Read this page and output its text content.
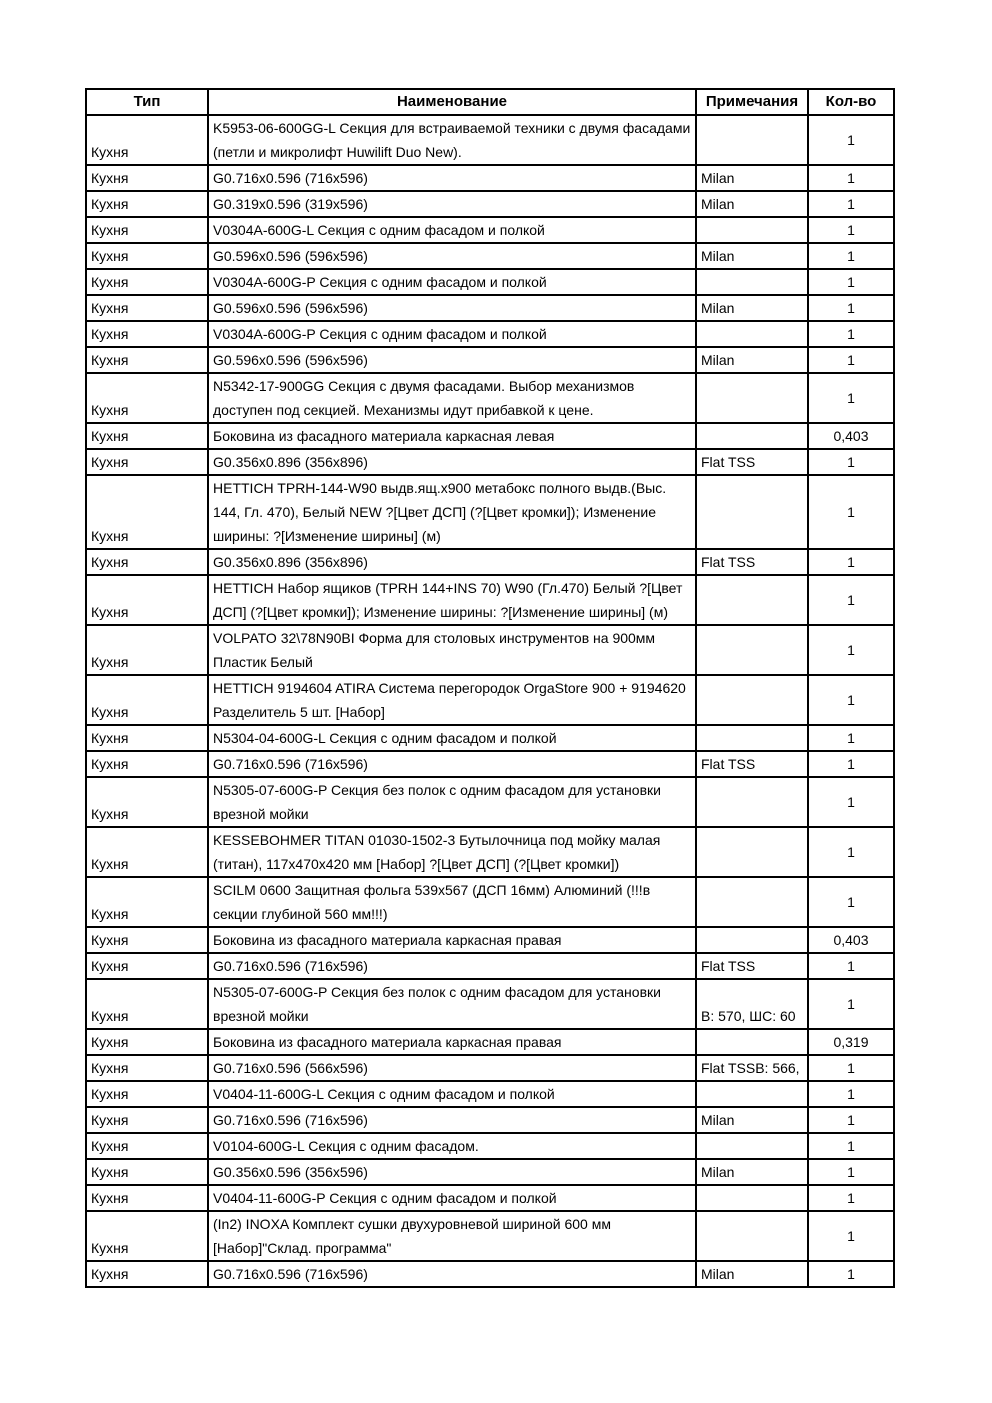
Тип	Наименование	Примечания	Кол-во
Кухня	K5953-06-600GG-L Секция для встраиваемой техники с двумя фасадами (петли и микролифт Huwilift Duo New).		1
Кухня	G0.716x0.596 (716x596)	Milan	1
Кухня	G0.319x0.596 (319x596)	Milan	1
Кухня	V0304A-600G-L Секция с одним фасадом и полкой		1
Кухня	G0.596x0.596 (596x596)	Milan	1
Кухня	V0304A-600G-P Секция с одним фасадом и полкой		1
Кухня	G0.596x0.596 (596x596)	Milan	1
Кухня	V0304A-600G-P Секция с одним фасадом и полкой		1
Кухня	G0.596x0.596 (596x596)	Milan	1
Кухня	N5342-17-900GG Секция с двумя фасадами. Выбор механизмов доступен под секцией. Механизмы идут прибавкой к цене.		1
Кухня	Боковина из фасадного материала каркасная левая		0,403
Кухня	G0.356x0.896 (356x896)	Flat TSS	1
Кухня	HETTICH TPRH-144-W90 выдв.ящ.x900 метабокс полного выдв.(Выс. 144, Гл. 470), Белый NEW ?[Цвет ДСП] (?[Цвет кромки]); Изменение ширины: ?[Изменение ширины] (м)		1
Кухня	G0.356x0.896 (356x896)	Flat TSS	1
Кухня	HETTICH Набор ящиков (TPRH 144+INS 70) W90 (Гл.470) Белый ?[Цвет ДСП] (?[Цвет кромки]); Изменение ширины: ?[Изменение ширины] (м)		1
Кухня	VOLPATO 32\78N90BI Форма для столовых инструментов на 900мм Пластик Белый		1
Кухня	HETTICH 9194604 ATIRA Система перегородок OrgaStore 900 + 9194620 Разделитель 5 шт. [Набор]		1
Кухня	N5304-04-600G-L Секция с одним фасадом и полкой		1
Кухня	G0.716x0.596 (716x596)	Flat TSS	1
Кухня	N5305-07-600G-P Секция без полок с одним фасадом для установки врезной мойки		1
Кухня	KESSEBOHMER TITAN 01030-1502-3 Бутылочница под мойку малая (титан), 117x470x420 мм [Набор] ?[Цвет ДСП] (?[Цвет кромки])		1
Кухня	SCILM 0600 Защитная фольга 539x567 (ДСП 16мм) Алюминий (!!!в секции глубиной 560 мм!!!)		1
Кухня	Боковина из фасадного материала каркасная правая		0,403
Кухня	G0.716x0.596 (716x596)	Flat TSS	1
Кухня	N5305-07-600G-P Секция без полок с одним фасадом для установки врезной мойки	B: 570, ШС: 60	1
Кухня	Боковина из фасадного материала каркасная правая		0,319
Кухня	G0.716x0.596 (566x596)	Flat TSSB: 566,	1
Кухня	V0404-11-600G-L Секция с одним фасадом и полкой		1
Кухня	G0.716x0.596 (716x596)	Milan	1
Кухня	V0104-600G-L Секция с одним фасадом.		1
Кухня	G0.356x0.596 (356x596)	Milan	1
Кухня	V0404-11-600G-P Секция с одним фасадом и полкой		1
Кухня	(In2) INOXA Комплект сушки двухуровневой шириной 600 мм [Набор]"Склад. программа"		1
Кухня	G0.716x0.596 (716x596)	Milan	1
